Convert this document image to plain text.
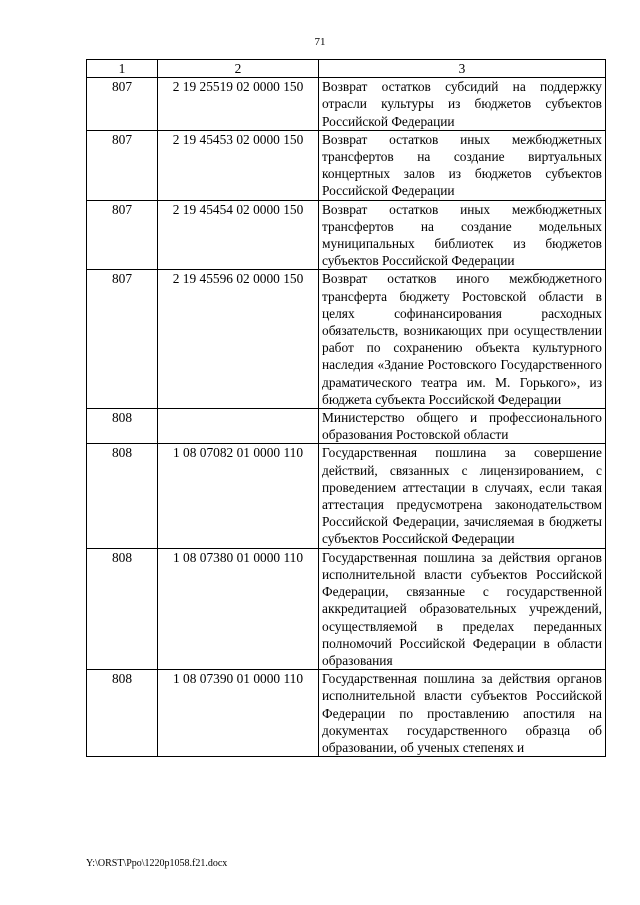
71
1	2	3
807	2 19 25519 02 0000 150	Возврат остатков субсидий на поддержку отрасли культуры из бюджетов субъектов Российской Федерации
807	2 19 45453 02 0000 150	Возврат остатков иных межбюджетных трансфертов на создание виртуальных концертных залов из бюджетов субъектов Российской Федерации
807	2 19 45454 02 0000 150	Возврат остатков иных межбюджетных трансфертов на создание модельных муниципальных библиотек из бюджетов субъектов Российской Федерации
807	2 19 45596 02 0000 150	Возврат остатков иного межбюджетного трансферта бюджету Ростовской области в целях софинансирования расходных обязательств, возникающих при осуществлении работ по сохранению объекта культурного наследия «Здание Ростовского Государственного драматического театра им. М. Горького», из бюджета субъекта Российской Федерации
808		Министерство общего и профессионального образования Ростовской области
808	1 08 07082 01 0000 110	Государственная пошлина за совершение действий, связанных с лицензированием, с проведением аттестации в случаях, если такая аттестация предусмотрена законодательством Российской Федерации, зачисляемая в бюджеты субъектов Российской Федерации
808	1 08 07380 01 0000 110	Государственная пошлина за действия органов исполнительной власти субъектов Российской Федерации, связанные с государственной аккредитацией образовательных учреждений, осуществляемой в пределах переданных полномочий Российской Федерации в области образования
808	1 08 07390 01 0000 110	Государственная пошлина за действия органов исполнительной власти субъектов Российской Федерации по проставлению апостиля на документах государственного образца об образовании, об ученых степенях и
Y:\ORST\Ppo\1220p1058.f21.docx
